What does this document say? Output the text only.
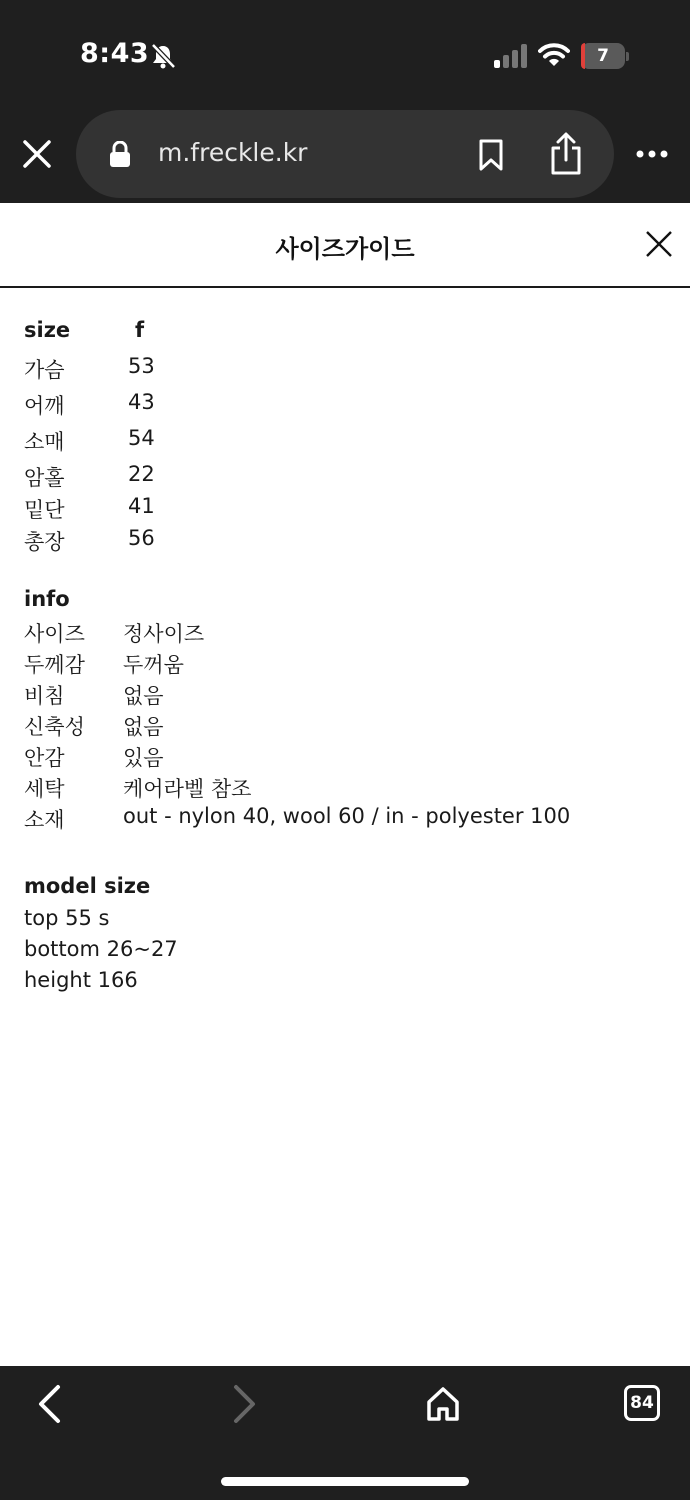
8:43	7
m.freckle.kr
사이즈가이드
size	f
가슴	53
어깨	43
소매	54
암홀	22
밑단	41
총장	56
info
사이즈 정사이즈
두께감 두꺼움
비침	없음
신축성 없음
안감	있음
세탁	케어라벨 참조
소재	out - nylon 40, wool 60 / in - polyester 100
model size
top 55 s
bottom 26~27
height 166
84
